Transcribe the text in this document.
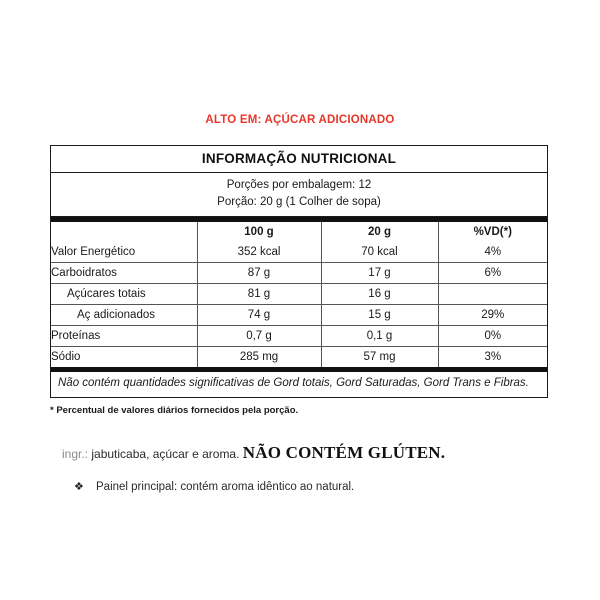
ALTO EM: AÇÚCAR ADICIONADO
INFORMAÇÃO NUTRICIONAL
Porções por embalagem: 12
Porção: 20 g (1 Colher de sopa)
	100 g	20 g	%VD(*)
Valor Energético	352 kcal	70 kcal	4%
Carboidratos	87 g	17 g	6%
Açúcares totais	81 g	16 g	
Aç adicionados	74 g	15 g	29%
Proteínas	0,7 g	0,1 g	0%
Sódio	285 mg	57 mg	3%
Não contém quantidades significativas de Gord totais, Gord Saturadas, Gord Trans e Fibras.
* Percentual de valores diários fornecidos pela porção.
ingr.: jabuticaba, açúcar e aroma. NÃO CONTÉM GLÚTEN.
❖	Painel principal: contém aroma idêntico ao natural.
